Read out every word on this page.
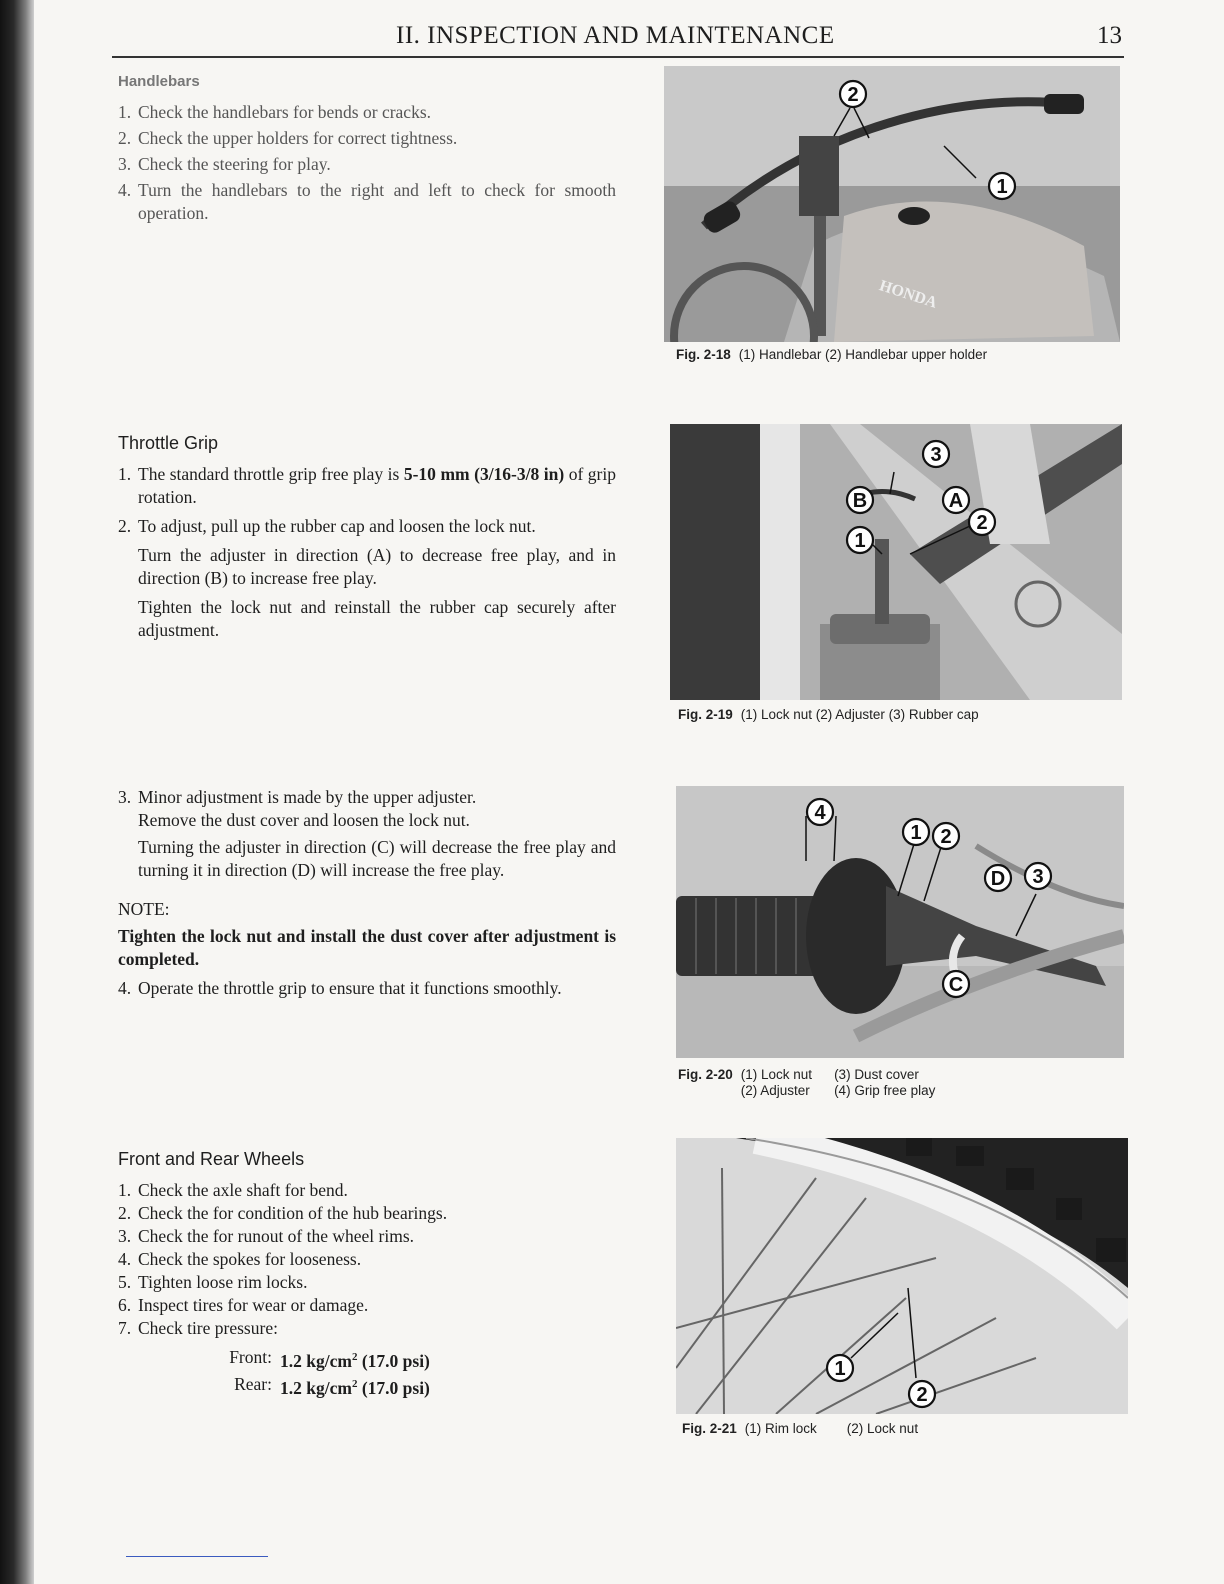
II. INSPECTION AND MAINTENANCE	13
Handlebars
1. Check the handlebars for bends or cracks.
2. Check the upper holders for correct tightness.
3. Check the steering for play.
4. Turn the handlebars to the right and left to check for smooth operation.
HONDA
2
1
Fig. 2-18 (1) Handlebar (2) Handlebar upper holder
Throttle Grip
1. The standard throttle grip free play is 5-10 mm (3/16-3/8 in) of grip rotation.
2. To adjust, pull up the rubber cap and loosen the lock nut.

Turn the adjuster in direction (A) to decrease free play, and in direction (B) to increase free play.

Tighten the lock nut and reinstall the rubber cap securely after adjustment.

3
B	A
2
1
Fig. 2-19 (1) Lock nut (2) Adjuster (3) Rubber cap
3. Minor adjustment is made by the upper adjuster.

Remove the dust cover and loosen the lock nut.

Turning the adjuster in direction (C) will decrease the free play and turning it in direction (D) will increase the free play.

NOTE:
Tighten the lock nut and install the dust cover after adjustment is completed.
4. Operate the throttle grip to ensure that it functions smoothly.
4
1 2
D 3
C
Fig. 2-20 (1) Lock nut (3) Dust cover
(2) Adjuster (4) Grip free play
Front and Rear Wheels
1. Check the axle shaft for bend.
2. Check the for condition of the hub bearings.
3. Check the for runout of the wheel rims.
4. Check the spokes for looseness.
5. Tighten loose rim locks.
6. Inspect tires for wear or damage.
7. Check tire pressure:
Front: 1.2 $kg/cm^2$ (17.0 psi)
Rear: 1.2 $kg/cm^2$ (17.0 psi)
1
2
Fig. 2-21 (1) Rim lock (2) Lock nut
